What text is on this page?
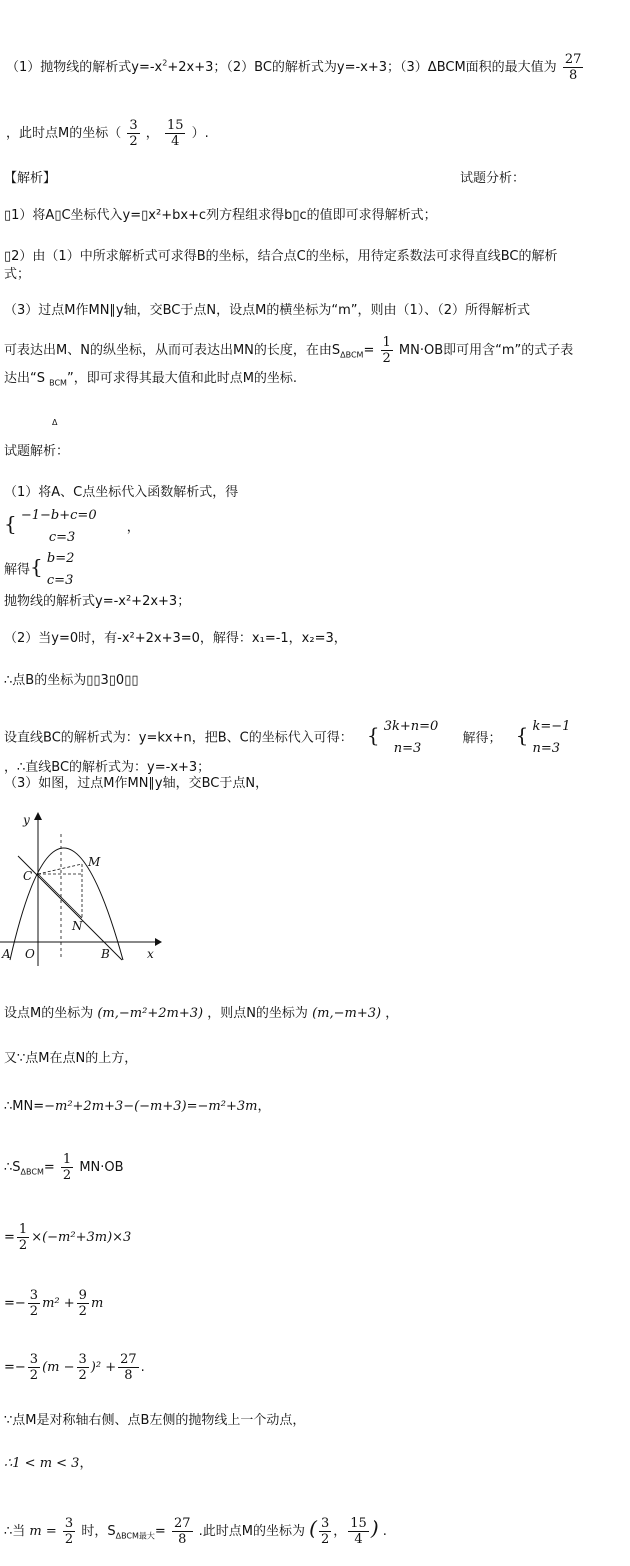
（1）抛物线的解析式$y=-x^2+2x+3$；（2）BC的解析式为y=-x+3；（3）ΔBCM面积的最大值为 $\frac{27}{8}$
，此时点M的坐标（ $\frac{3}{2}$ ， $\frac{15}{4}$ ）.
【解析】	试题分析：
▯1）将A▯C坐标代入y=▯x²+bx+c列方程组求得b▯c的值即可求得解析式；
▯2）由（1）中所求解析式可求得B的坐标，结合点C的坐标，用待定系数法可求得直线BC的解析
式；
（3）过点M作MN∥y轴，交BC于点N，设点M的横坐标为“m”，则由（1）、（2）所得解析式
可表达出M、N的纵坐标，从而可表达出MN的长度，在由$S_{\Delta BCM}= \frac{1}{2} MN\cdot OB$即可用含“m”的式子表
达出“S $_{BCM}$”，即可求得其最大值和此时点M的坐标.
Δ
试题解析：
（1）将A、C点坐标代入函数解析式，得
{ −1−b+c=0
c=3
，
解得{ b=2
c=3
抛物线的解析式y=-x²+2x+3；
（2）当y=0时，有-x²+2x+3=0，解得：x₁=-1，x₂=3，
∴点B的坐标为▯▯3▯0▯▯
设直线BC的解析式为：y=kx+n，把B、C的坐标代入可得： { 3k+n=0
n=3
解得； { k=−1
n=3
，∴直线BC的解析式为：y=-x+3；
（3）如图，过点M作MN∥y轴，交BC于点N，
y
x
C
M
N
A O	B
设点M的坐标为 (m,−m²+2m+3) ，则点N的坐标为 (m,−m+3) ，
又∵点M在点N的上方，
∴MN=−m²+2m+3−(−m+3)=−m²+3m，
$\therefore S_{\Delta BCM}= \frac{1}{2} MN\cdot OB$
= $\frac{1}{2} \times(-m^2+3m)\times 3$
=− $\frac{3}{2} m^2 + \frac{9}{2}$ m
=− $\frac{3}{2} (m - \frac{3}{2} )^2 + \frac{27}{8}$ .
∵点M是对称轴右侧、点B左侧的抛物线上一个动点，
∴1 < m < 3，
∴当 $m = \frac{3}{2}$ 时，$S_{\Delta BCM最大}= \frac{27}{8}$ .此时点M的坐标为 ( $\frac{3}{2}$ ， $\frac{15}{4}$ ) .
